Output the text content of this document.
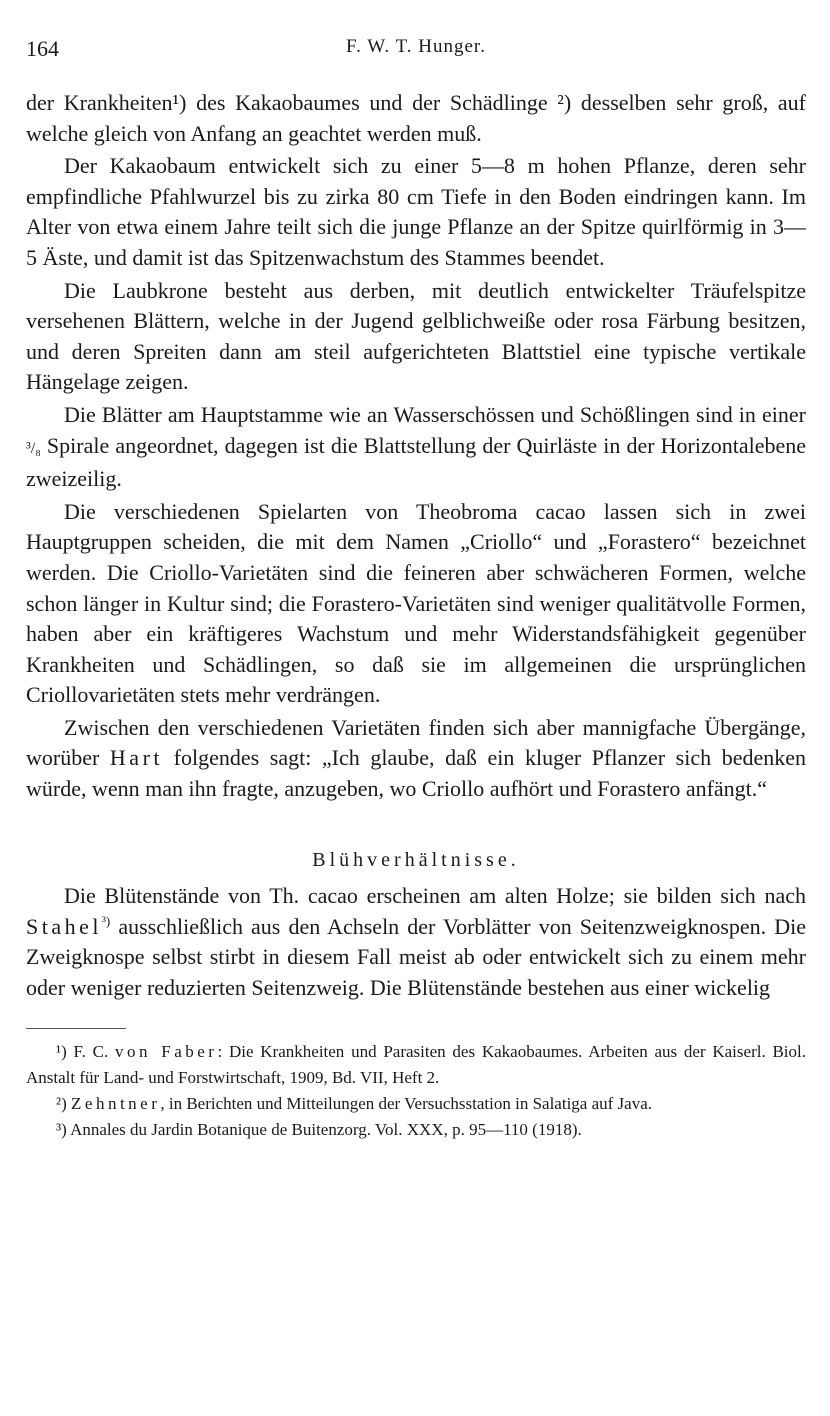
164	F. W. T. Hunger.

der Krankheiten¹) des Kakaobaumes und der Schädlinge ²) desselben sehr groß, auf welche gleich von Anfang an geachtet werden muß.

Der Kakaobaum entwickelt sich zu einer 5—8 m hohen Pflanze, deren sehr empfindliche Pfahlwurzel bis zu zirka 80 cm Tiefe in den Boden eindringen kann. Im Alter von etwa einem Jahre teilt sich die junge Pflanze an der Spitze quirlförmig in 3—5 Äste, und damit ist das Spitzenwachstum des Stammes beendet.

Die Laubkrone besteht aus derben, mit deutlich entwickelter Träufelspitze versehenen Blättern, welche in der Jugend gelblichweiße oder rosa Färbung besitzen, und deren Spreiten dann am steil aufgerichteten Blattstiel eine typische vertikale Hängelage zeigen.

Die Blätter am Hauptstamme wie an Wasserschössen und Schößlingen sind in einer ³/₈ Spirale angeordnet, dagegen ist die Blattstellung der Quirläste in der Horizontalebene zweizeilig.

Die verschiedenen Spielarten von Theobroma cacao lassen sich in zwei Hauptgruppen scheiden, die mit dem Namen „Criollo“ und „Forastero“ bezeichnet werden. Die Criollo-Varietäten sind die feineren aber schwächeren Formen, welche schon länger in Kultur sind; die Forastero-Varietäten sind weniger qualitätvolle Formen, haben aber ein kräftigeres Wachstum und mehr Widerstandsfähigkeit gegenüber Krankheiten und Schädlingen, so daß sie im allgemeinen die ursprünglichen Criollovarietäten stets mehr verdrängen.

Zwischen den verschiedenen Varietäten finden sich aber mannigfache Übergänge, worüber Hart folgendes sagt: „Ich glaube, daß ein kluger Pflanzer sich bedenken würde, wenn man ihn fragte, anzugeben, wo Criollo aufhört und Forastero anfängt.“

Blühverhältnisse.

Die Blütenstände von Th. cacao erscheinen am alten Holze; sie bilden sich nach Stahel$^{^3)}$ ausschließlich aus den Achseln der Vorblätter von Seitenzweigknospen. Die Zweigknospe selbst stirbt in diesem Fall meist ab oder entwickelt sich zu einem mehr oder weniger reduzierten Seitenzweig. Die Blütenstände bestehen aus einer wickelig

¹) F. C. von Faber: Die Krankheiten und Parasiten des Kakaobaumes. Arbeiten aus der Kaiserl. Biol. Anstalt für Land- und Forstwirtschaft, 1909, Bd. VII, Heft 2.

²) Zehntner, in Berichten und Mitteilungen der Versuchsstation in Salatiga auf Java.

³) Annales du Jardin Botanique de Buitenzorg. Vol. XXX, p. 95—110 (1918).
